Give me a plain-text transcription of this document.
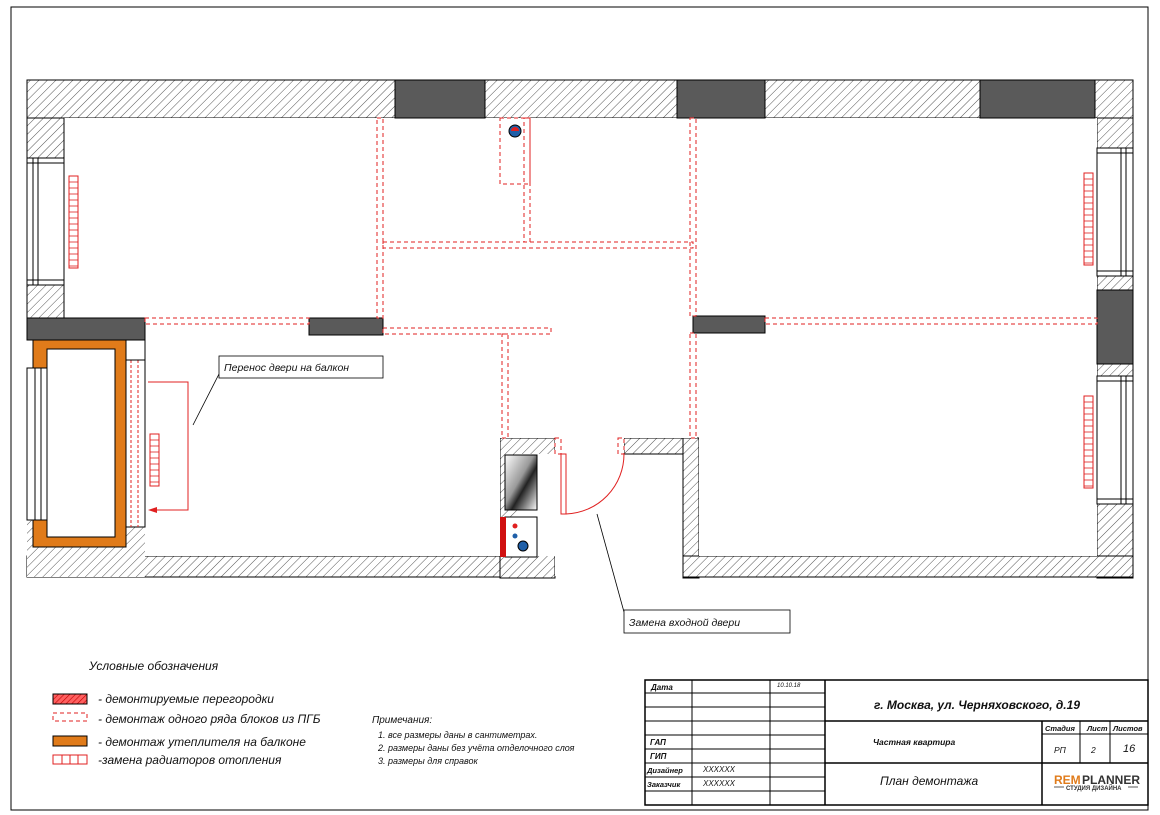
Перенос двери на балкон
Замена входной двери
Условные обозначения
- демонтируемые перегородки
- демонтаж одного ряда блоков из ПГБ
- демонтаж утеплителя на балконе
-замена радиаторов отопления
Примечания:
1. все размеры даны в сантиметрах.
2. размеры даны без учёта отделочного слоя
3. размеры для справок
Дата	10.10.18
ГАП
ГИП
Дизайнер	XXXXXX
Заказчик	XXXXXX
г. Москва, ул. Черняховского, д.19
Частная квартира
Стадия Лист Листов
РП	2 16
План демонтажа	REM PLANNER
СТУДИЯ ДИЗАЙНА
